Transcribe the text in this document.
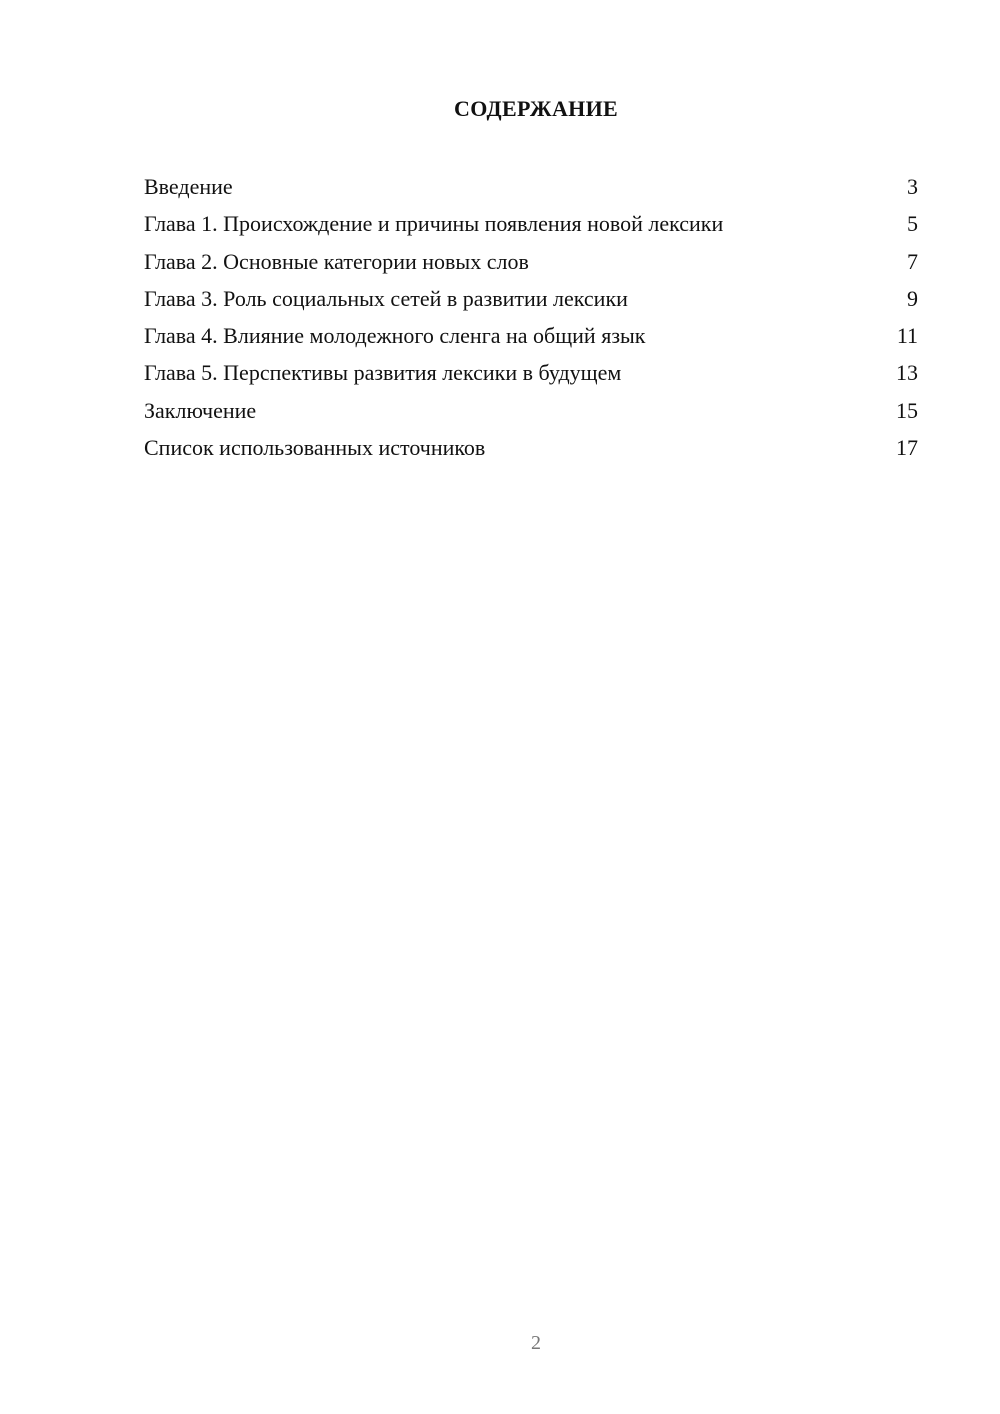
СОДЕРЖАНИЕ
Введение	3
Глава 1. Происхождение и причины появления новой лексики	5
Глава 2. Основные категории новых слов	7
Глава 3. Роль социальных сетей в развитии лексики	9
Глава 4. Влияние молодежного сленга на общий язык	11
Глава 5. Перспективы развития лексики в будущем	13
Заключение	15
Список использованных источников	17
2
